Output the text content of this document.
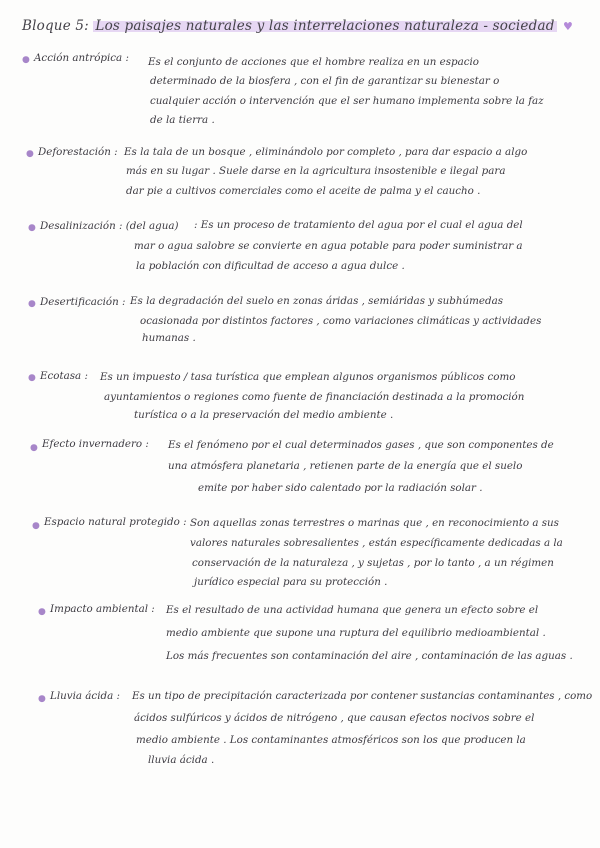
Bloque 5: Los paisajes naturales y las interrelaciones naturaleza - sociedad ♥
● Acción antrópica : Es el conjunto de acciones que el hombre realiza en un espacio
determinado de la biosfera , con el fin de garantizar su bienestar o
cualquier acción o intervención que el ser humano implementa sobre la faz
de la tierra .
● Deforestación : Es la tala de un bosque , eliminándolo por completo , para dar espacio a algo
más en su lugar . Suele darse en la agricultura insostenible e ilegal para
dar pie a cultivos comerciales como el aceite de palma y el caucho .
● Desalinización : (del agua) : Es un proceso de tratamiento del agua por el cual el agua del
mar o agua salobre se convierte en agua potable para poder suministrar a
la población con dificultad de acceso a agua dulce .
● Desertificación : Es la degradación del suelo en zonas áridas , semiáridas y subhúmedas
ocasionada por distintos factores , como variaciones climáticas y actividades
humanas .
● Ecotasa : Es un impuesto / tasa turística que emplean algunos organismos públicos como
ayuntamientos o regiones como fuente de financiación destinada a la promoción
turística o a la preservación del medio ambiente .
● Efecto invernadero : Es el fenómeno por el cual determinados gases , que son componentes de
una atmósfera planetaria , retienen parte de la energía que el suelo
emite por haber sido calentado por la radiación solar .
● Espacio natural protegido : Son aquellas zonas terrestres o marinas que , en reconocimiento a sus
valores naturales sobresalientes , están específicamente dedicadas a la
conservación de la naturaleza , y sujetas , por lo tanto , a un régimen
jurídico especial para su protección .
● Impacto ambiental : Es el resultado de una actividad humana que genera un efecto sobre el
medio ambiente que supone una ruptura del equilibrio medioambiental .
Los más frecuentes son contaminación del aire , contaminación de las aguas .
● Lluvia ácida : Es un tipo de precipitación caracterizada por contener sustancias contaminantes , como
ácidos sulfúricos y ácidos de nitrógeno , que causan efectos nocivos sobre el
medio ambiente . Los contaminantes atmosféricos son los que producen la
lluvia ácida .
